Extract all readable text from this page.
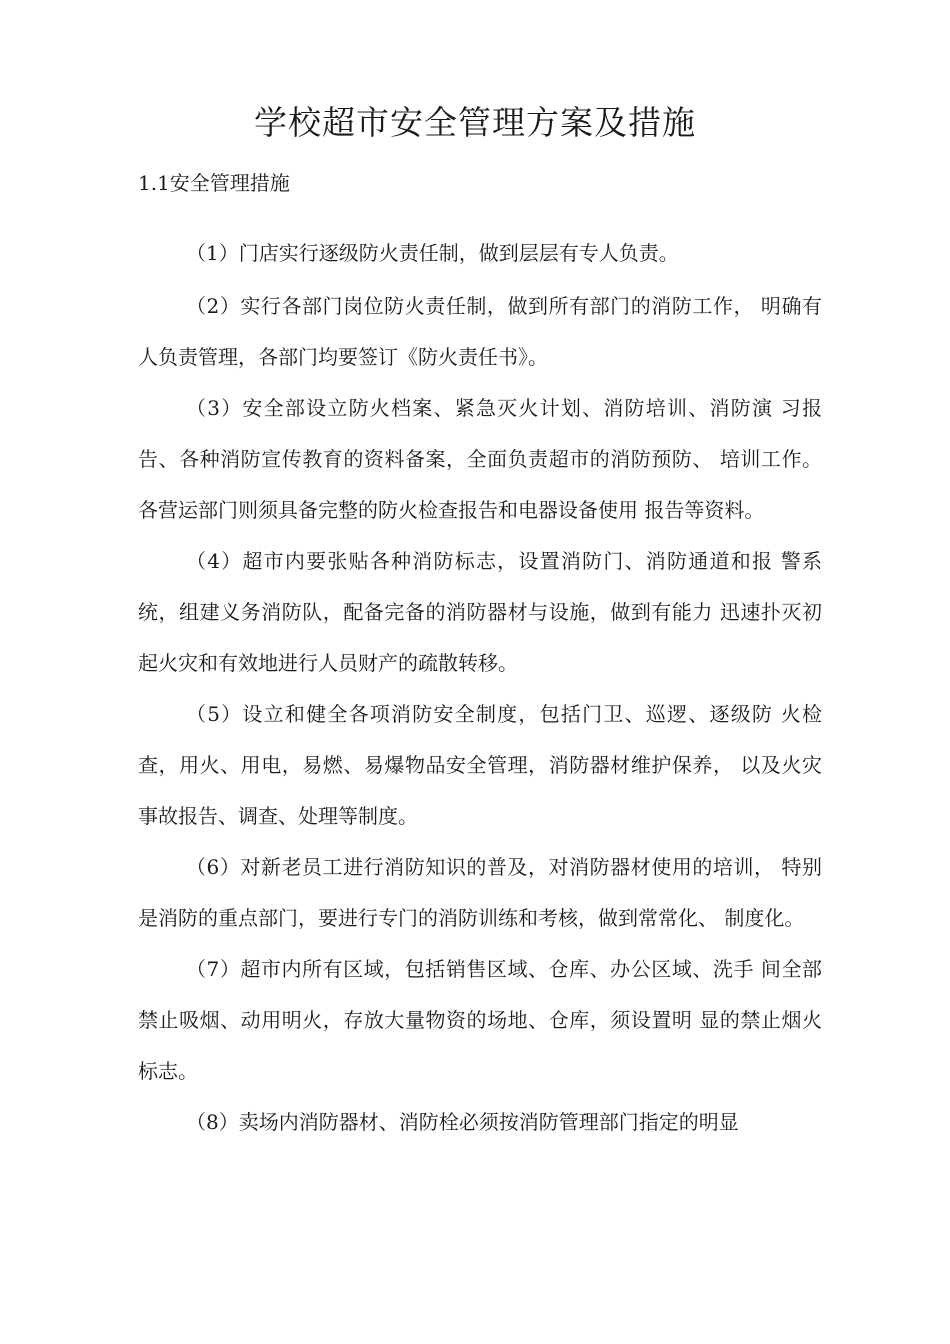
学校超市安全管理方案及措施
1.1安全管理措施

（1）门店实行逐级防火责任制，做到层层有专人负责。

（2）实行各部门岗位防火责任制，做到所有部门的消防工作， 明确有人负责管理，各部门均要签订《防火责任书》。

（3）安全部设立防火档案、紧急灭火计划、消防培训、消防演 习报告、各种消防宣传教育的资料备案，全面负责超市的消防预防、 培训工作。各营运部门则须具备完整的防火检查报告和电器设备使用 报告等资料。

（4）超市内要张贴各种消防标志，设置消防门、消防通道和报 警系统，组建义务消防队，配备完备的消防器材与设施，做到有能力 迅速扑灭初起火灾和有效地进行人员财产的疏散转移。

（5）设立和健全各项消防安全制度，包括门卫、巡逻、逐级防 火检查，用火、用电，易燃、易爆物品安全管理，消防器材维护保养， 以及火灾事故报告、调查、处理等制度。

（6）对新老员工进行消防知识的普及，对消防器材使用的培训， 特别是消防的重点部门，要进行专门的消防训练和考核，做到常常化、 制度化。

（7）超市内所有区域，包括销售区域、仓库、办公区域、洗手 间全部禁止吸烟、动用明火，存放大量物资的场地、仓库，须设置明 显的禁止烟火标志。

（8）卖场内消防器材、消防栓必须按消防管理部门指定的明显
